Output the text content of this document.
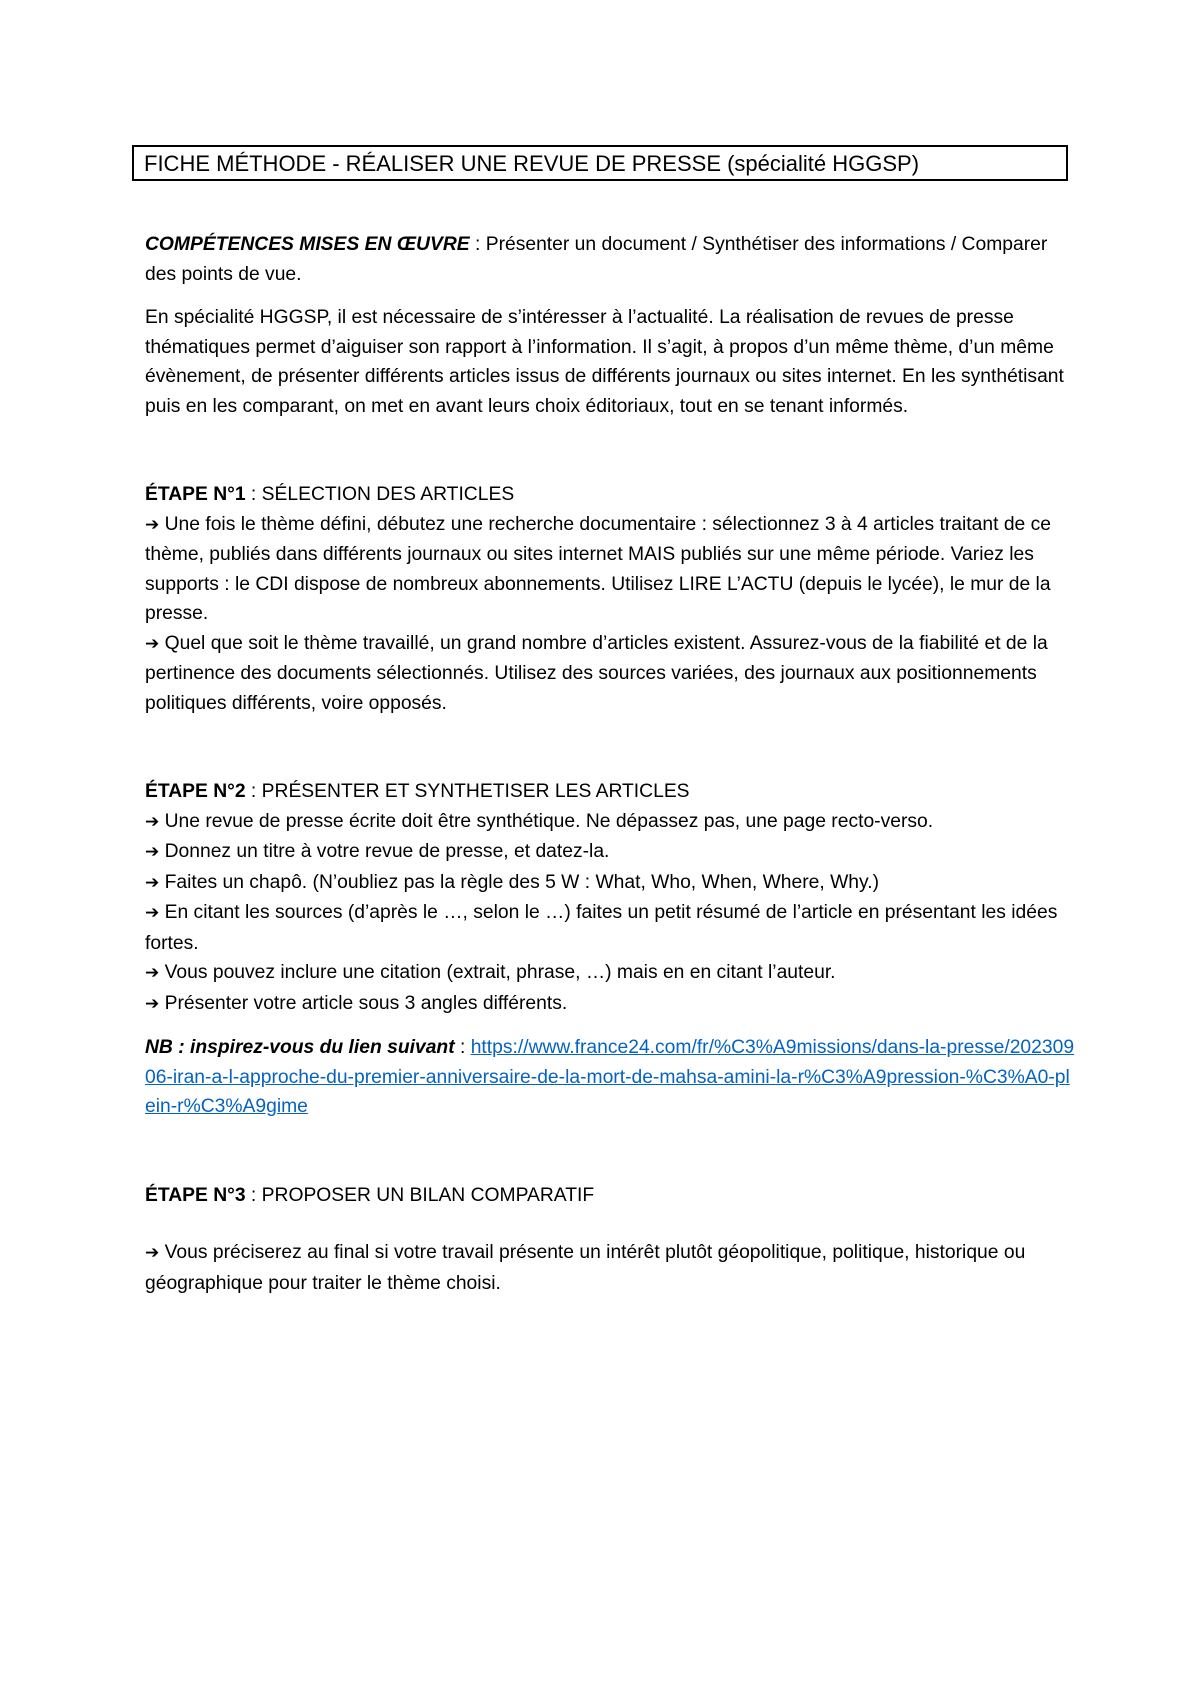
FICHE MÉTHODE - RÉALISER UNE REVUE DE PRESSE (spécialité HGGSP)

COMPÉTENCES MISES EN ŒUVRE : Présenter un document / Synthétiser des informations / Comparer des points de vue.

En spécialité HGGSP, il est nécessaire de s’intéresser à l’actualité. La réalisation de revues de presse thématiques permet d’aiguiser son rapport à l’information. Il s’agit, à propos d’un même thème, d’un même évènement, de présenter différents articles issus de différents journaux ou sites internet. En les synthétisant puis en les comparant, on met en avant leurs choix éditoriaux, tout en se tenant informés.

ÉTAPE N°1 : SÉLECTION DES ARTICLES

➔ Une fois le thème défini, débutez une recherche documentaire : sélectionnez 3 à 4 articles traitant de ce thème, publiés dans différents journaux ou sites internet MAIS publiés sur une même période. Variez les supports : le CDI dispose de nombreux abonnements. Utilisez LIRE L’ACTU (depuis le lycée), le mur de la presse.

➔ Quel que soit le thème travaillé, un grand nombre d’articles existent. Assurez-vous de la fiabilité et de la pertinence des documents sélectionnés. Utilisez des sources variées, des journaux aux positionnements politiques différents, voire opposés.

ÉTAPE N°2 : PRÉSENTER ET SYNTHETISER LES ARTICLES

➔ Une revue de presse écrite doit être synthétique. Ne dépassez pas, une page recto-verso.

➔ Donnez un titre à votre revue de presse, et datez-la.

➔ Faites un chapô. (N’oubliez pas la règle des 5 W : What, Who, When, Where, Why.)

➔ En citant les sources (d’après le …, selon le …) faites un petit résumé de l’article en présentant les idées fortes.

➔ Vous pouvez inclure une citation (extrait, phrase, …) mais en en citant l’auteur.

➔ Présenter votre article sous 3 angles différents.

NB : inspirez-vous du lien suivant : https://www.france24.com/fr/%C3%A9missions/dans-la-presse/20230906-iran-a-l-approche-du-premier-anniversaire-de-la-mort-de-mahsa-amini-la-r%C3%A9pression-%C3%A0-plein-r%C3%A9gime

ÉTAPE N°3 : PROPOSER UN BILAN COMPARATIF

➔ Vous préciserez au final si votre travail présente un intérêt plutôt géopolitique, politique, historique ou géographique pour traiter le thème choisi.
